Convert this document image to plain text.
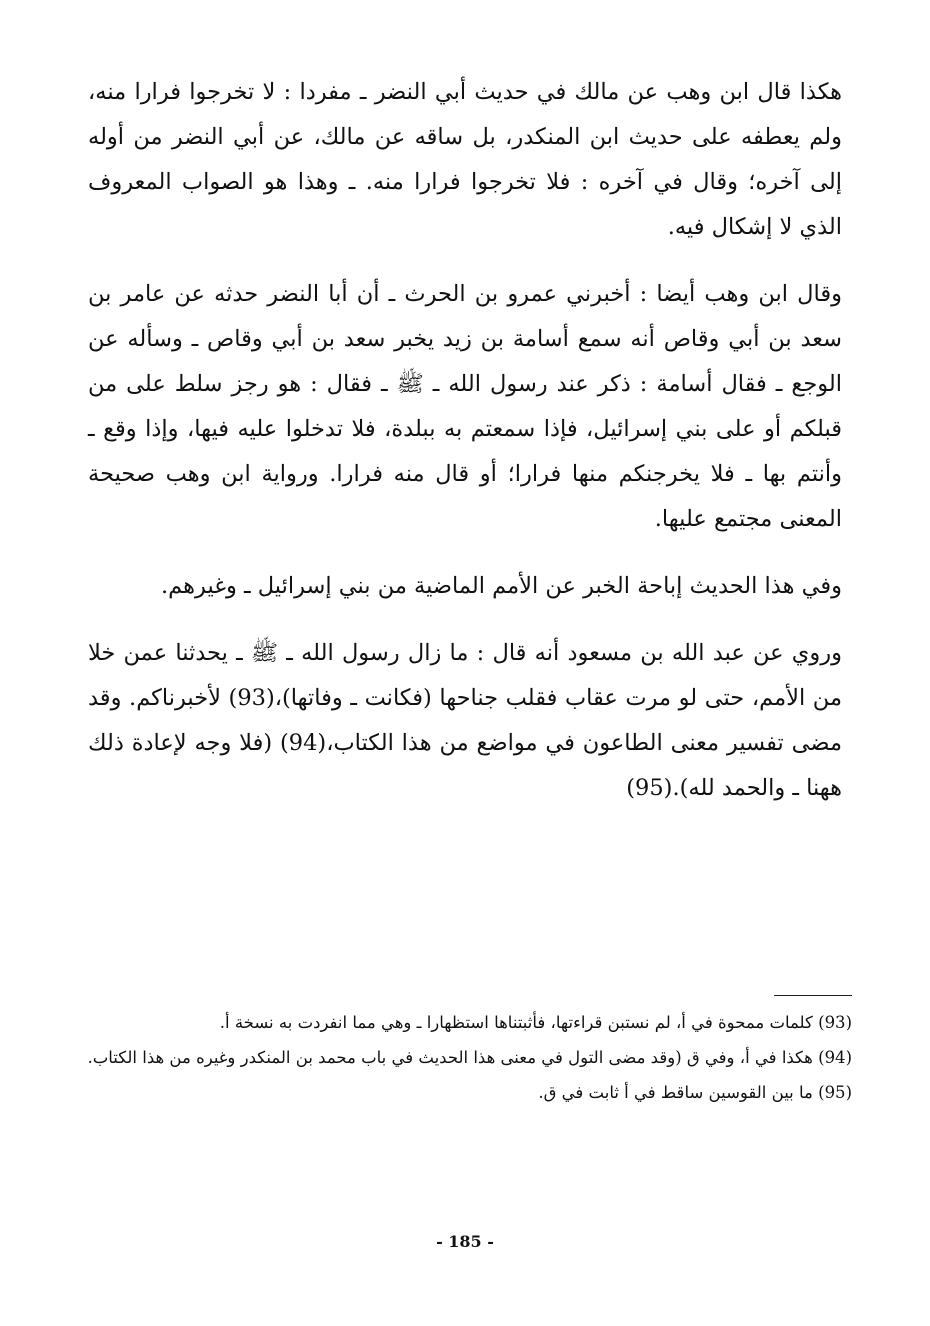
هكذا قال ابن وهب عن مالك في حديث أبي النضر ـ مفردا : لا تخرجوا فرارا منه، ولم يعطفه على حديث ابن المنكدر، بل ساقه عن مالك، عن أبي النضر من أوله إلى آخره؛ وقال في آخره : فلا تخرجوا فرارا منه. ـ وهذا هو الصواب المعروف الذي لا إشكال فيه.

وقال ابن وهب أيضا : أخبرني عمرو بن الحرث ـ أن أبا النضر حدثه عن عامر بن سعد بن أبي وقاص أنه سمع أسامة بن زيد يخبر سعد بن أبي وقاص ـ وسأله عن الوجع ـ فقال أسامة : ذكر عند رسول الله ـ ﷺ ـ فقال : هو رجز سلط على من قبلكم أو على بني إسرائيل، فإذا سمعتم به ببلدة، فلا تدخلوا عليه فيها، وإذا وقع ـ وأنتم بها ـ فلا يخرجنكم منها فرارا؛ أو قال منه فرارا. ورواية ابن وهب صحيحة المعنى مجتمع عليها.

وفي هذا الحديث إباحة الخبر عن الأمم الماضية من بني إسرائيل ـ وغيرهم.

وروي عن عبد الله بن مسعود أنه قال : ما زال رسول الله ـ ﷺ ـ يحدثنا عمن خلا من الأمم، حتى لو مرت عقاب فقلب جناحها (فكانت ـ وفاتها)،(93) لأخبرناكم. وقد مضى تفسير معنى الطاعون في مواضع من هذا الكتاب،(94) (فلا وجه لإعادة ذلك ههنا ـ والحمد لله).(95)

(93) كلمات ممحوة في أ، لم نستبن قراءتها، فأثبتناها استظهارا ـ وهي مما انفردت به نسخة أ.

(94) هكذا في أ، وفي ق (وقد مضى التول في معنى هذا الحديث في باب محمد بن المنكدر وغيره من هذا الكتاب.

(95) ما بين القوسين ساقط في أ ثابت في ق.

- 185 -
